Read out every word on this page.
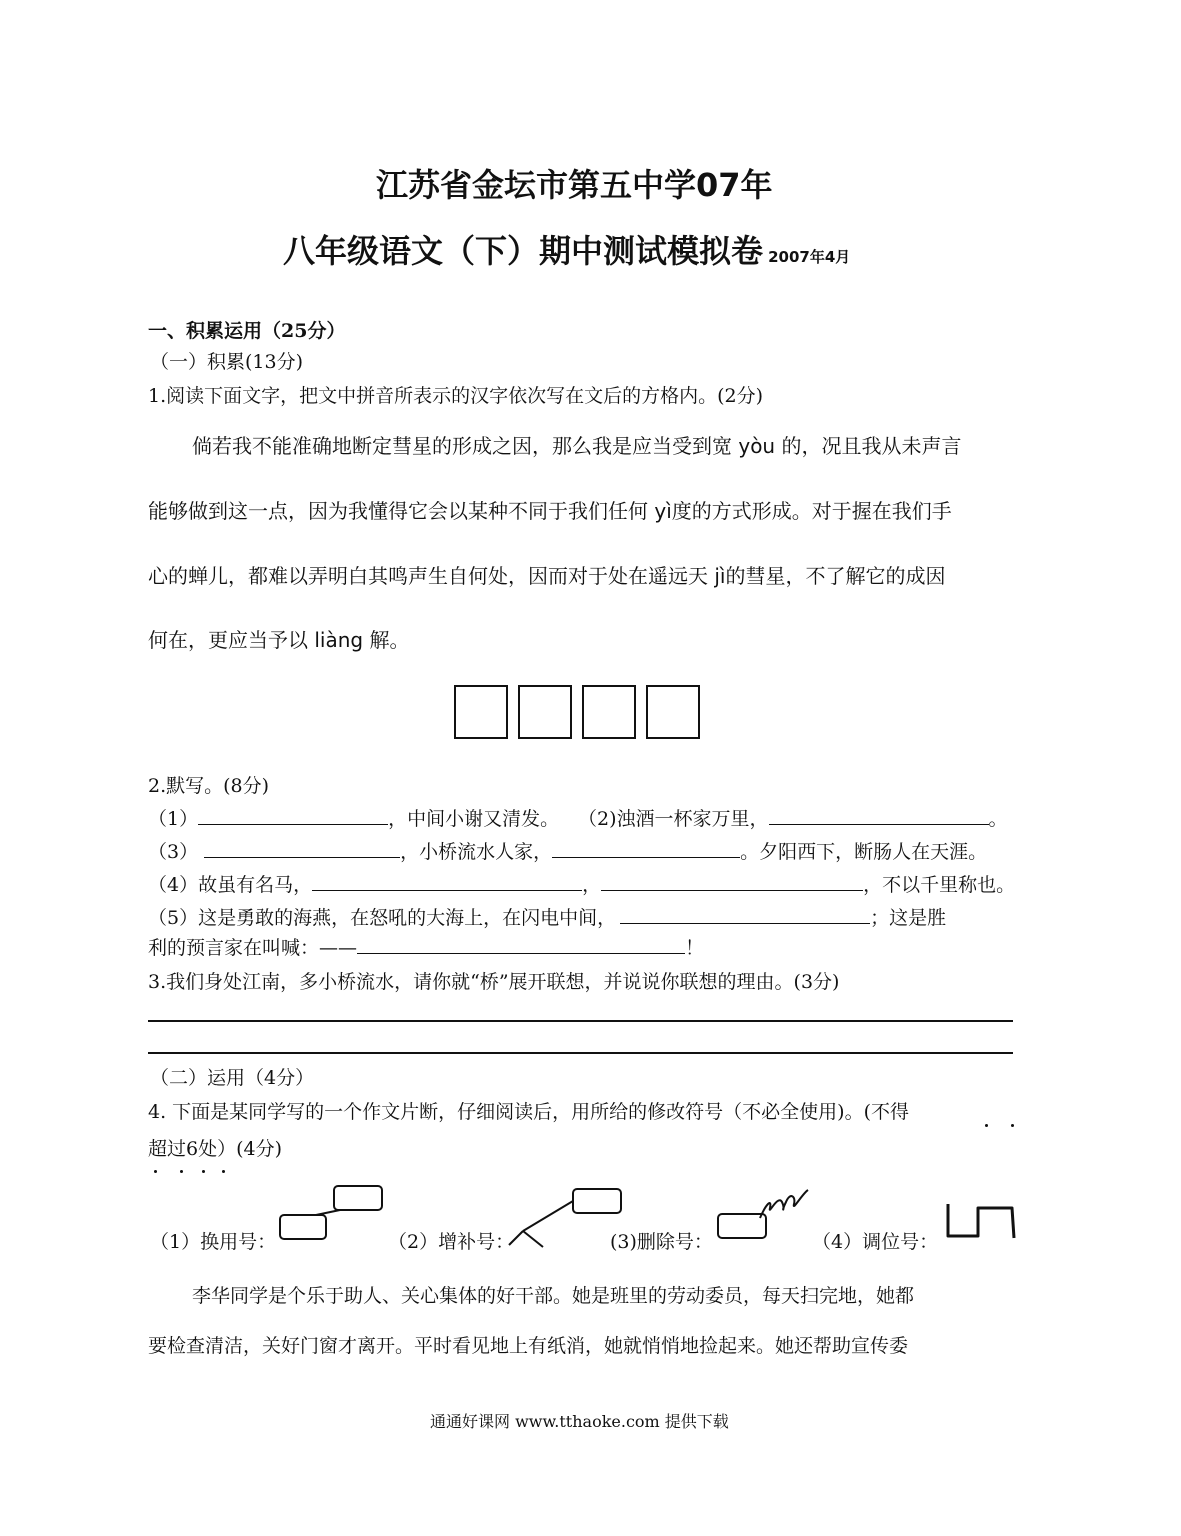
江苏省金坛市第五中学07年
八年级语文（下）期中测试模拟卷 2007年4月
一、积累运用（25分）
（一）积累(13分)
1.阅读下面文字，把文中拼音所表示的汉字依次写在文后的方格内。(2分)
倘若我不能准确地断定彗星的形成之因，那么我是应当受到宽 yòu 的，况且我从未声言
能够做到这一点，因为我懂得它会以某种不同于我们任何 yì度的方式形成。对于握在我们手
心的蝉儿，都难以弄明白其鸣声生自何处，因而对于处在遥远天 jì的彗星，不了解它的成因
何在，更应当予以 liàng 解。
2.默写。(8分)
（1）	，中间小谢又清发。 （2)浊酒一杯家万里，	。
（3）	，小桥流水人家，	。夕阳西下，断肠人在天涯。
（4）故虽有名马，	，	，不以千里称也。
（5）这是勇敢的海燕，在怒吼的大海上，在闪电中间，	；这是胜
利的预言家在叫喊：——	！
3.我们身处江南，多小桥流水，请你就“桥”展开联想，并说说你联想的理由。(3分)
（二）运用（4分）
4. 下面是某同学写的一个作文片断，仔细阅读后，用所给的修改符号（不必全使用)。(不得
超过6处）(4分)
（1）换用号：	（2）增补号：	(3)删除号：	（4）调位号：
李华同学是个乐于助人、关心集体的好干部。她是班里的劳动委员，每天扫完地，她都
要检查清洁，关好门窗才离开。平时看见地上有纸消，她就悄悄地捡起来。她还帮助宣传委
通通好课网 www.tthaoke.com 提供下载
